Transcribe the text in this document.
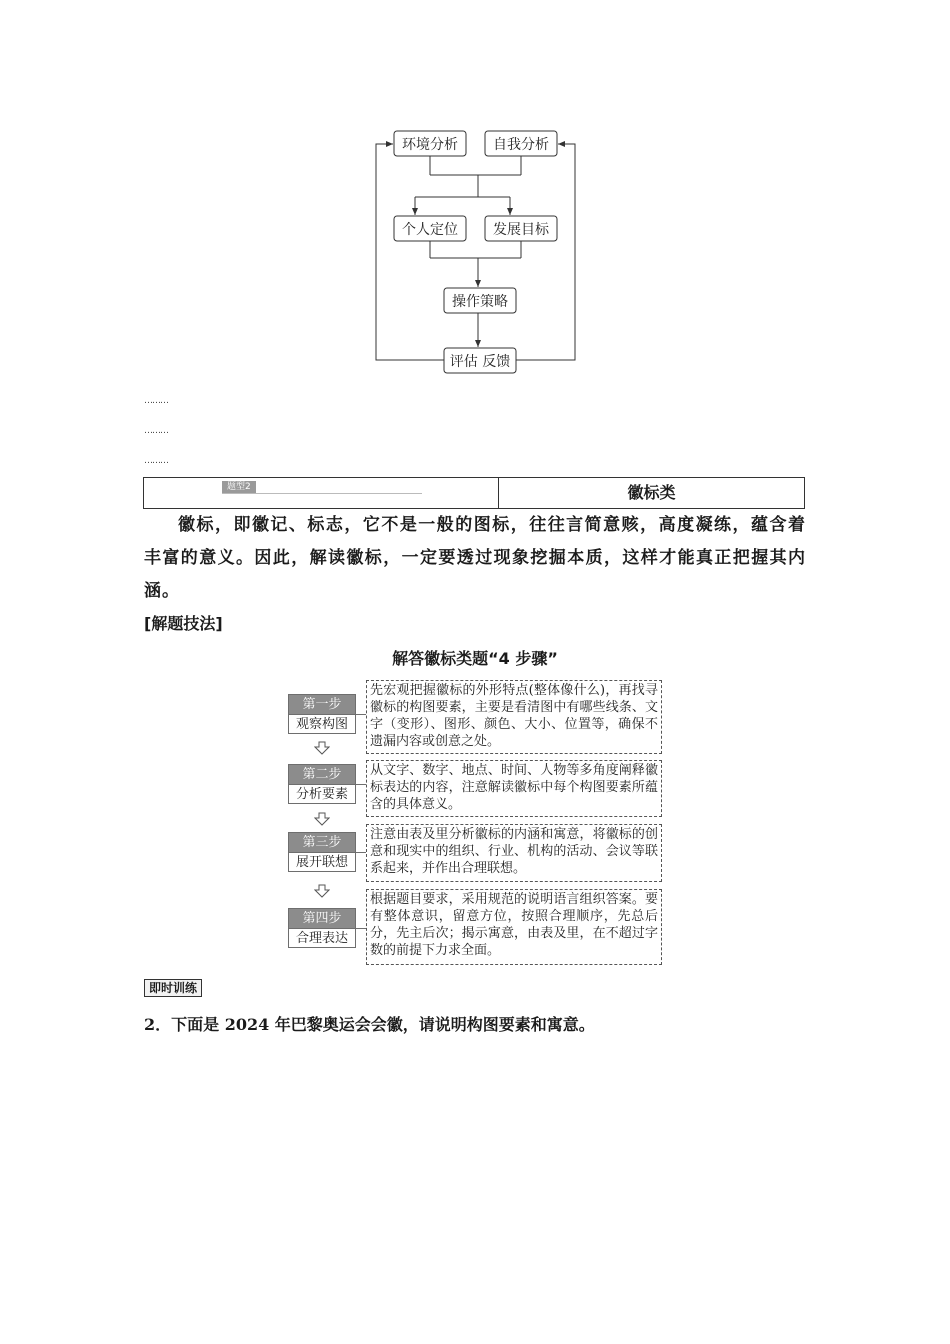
环境分析	自我分析
个人定位	发展目标
操作策略
评估 反馈
………
………
………
题型2	徽标类
徽标，即徽记、标志，它不是一般的图标，往往言简意赅，高度凝练，蕴含着丰富的意义。因此，解读徽标，一定要透过现象挖掘本质，这样才能真正把握其内涵。
[解题技法]
解答徽标类题“4 步骤”
第一步
观察构图
先宏观把握徽标的外形特点(整体像什么)，再找寻徽标的构图要素，主要是看清图中有哪些线条、文字（变形）、图形、颜色、大小、位置等，确保不遗漏内容或创意之处。
第二步
分析要素
从文字、数字、地点、时间、人物等多角度阐释徽标表达的内容，注意解读徽标中每个构图要素所蕴含的具体意义。
第三步
展开联想
注意由表及里分析徽标的内涵和寓意，将徽标的创意和现实中的组织、行业、机构的活动、会议等联系起来，并作出合理联想。
第四步
合理表达
根据题目要求，采用规范的说明语言组织答案。要有整体意识，留意方位，按照合理顺序，先总后分，先主后次；揭示寓意，由表及里，在不超过字数的前提下力求全面。
即时训练
2．下面是 2024 年巴黎奥运会会徽，请说明构图要素和寓意。
